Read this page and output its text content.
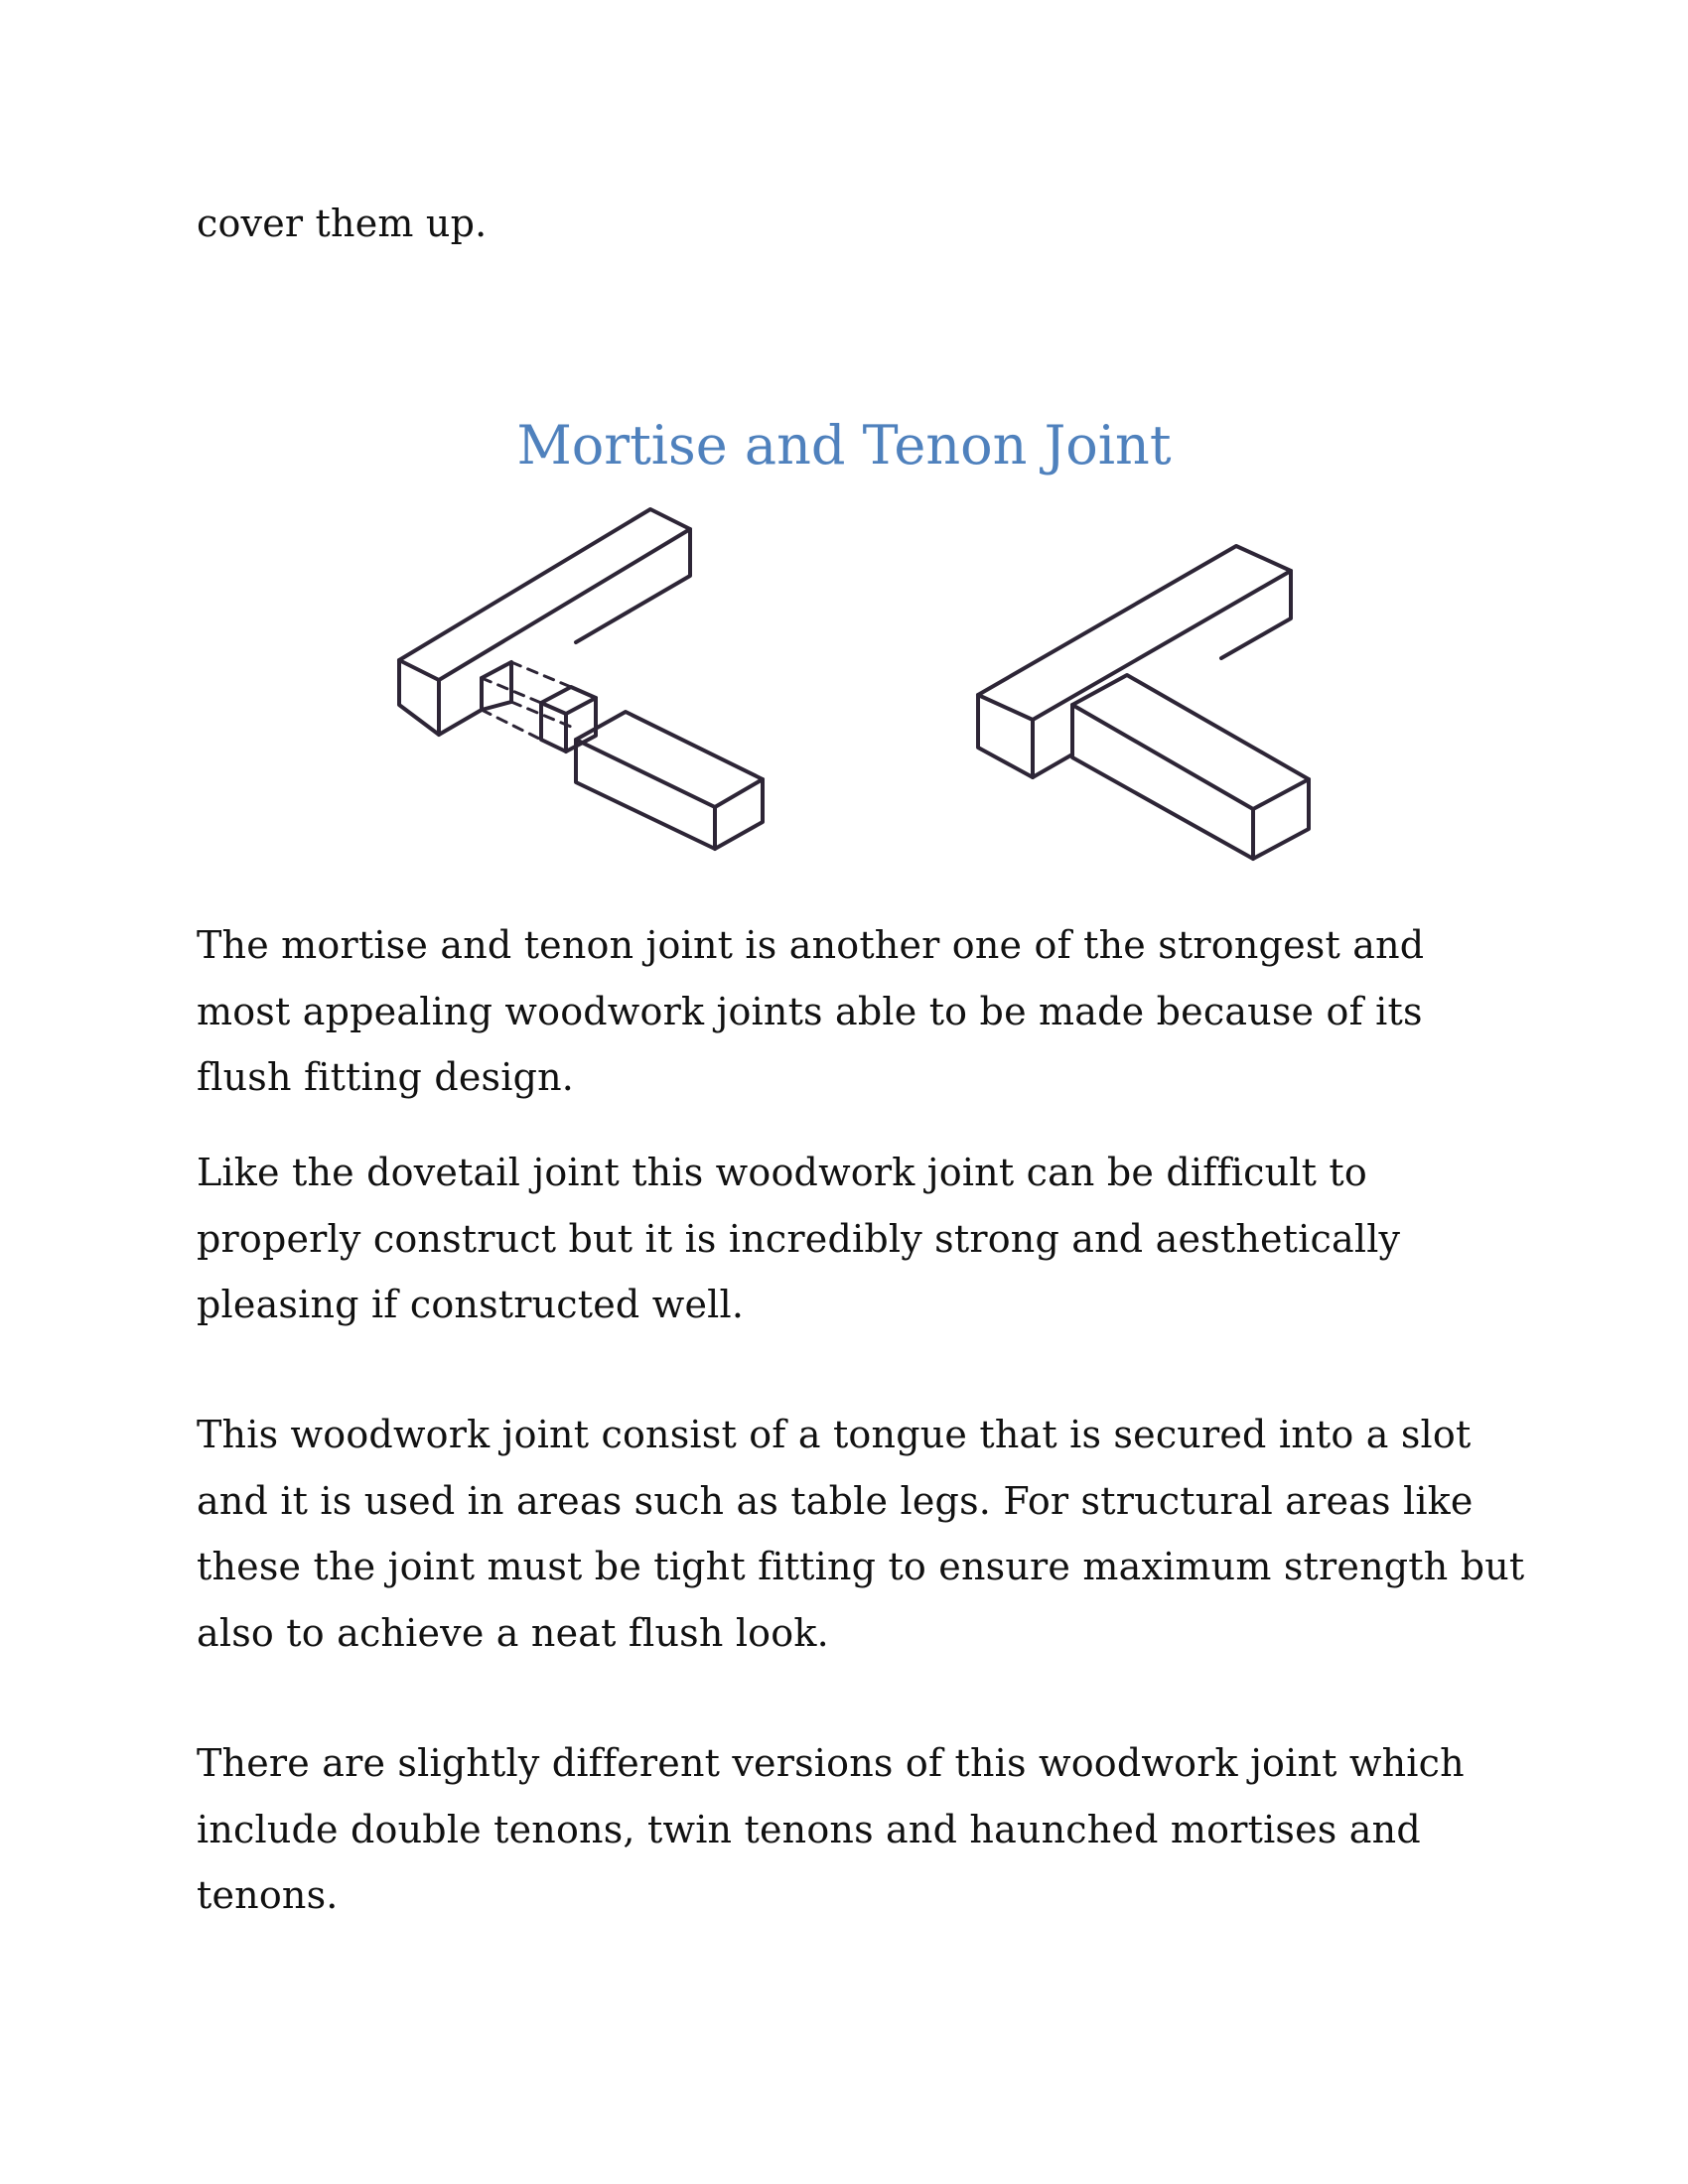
cover them up.

Mortise and Tenon Joint

The mortise and tenon joint is another one of the strongest and most appealing woodwork joints able to be made because of its flush fitting design.

Like the dovetail joint this woodwork joint can be difficult to properly construct but it is incredibly strong and aesthetically pleasing if constructed well.

This woodwork joint consist of a tongue that is secured into a slot and it is used in areas such as table legs. For structural areas like these the joint must be tight fitting to ensure maximum strength but also to achieve a neat flush look.

There are slightly different versions of this woodwork joint which include double tenons, twin tenons and haunched mortises and tenons.
